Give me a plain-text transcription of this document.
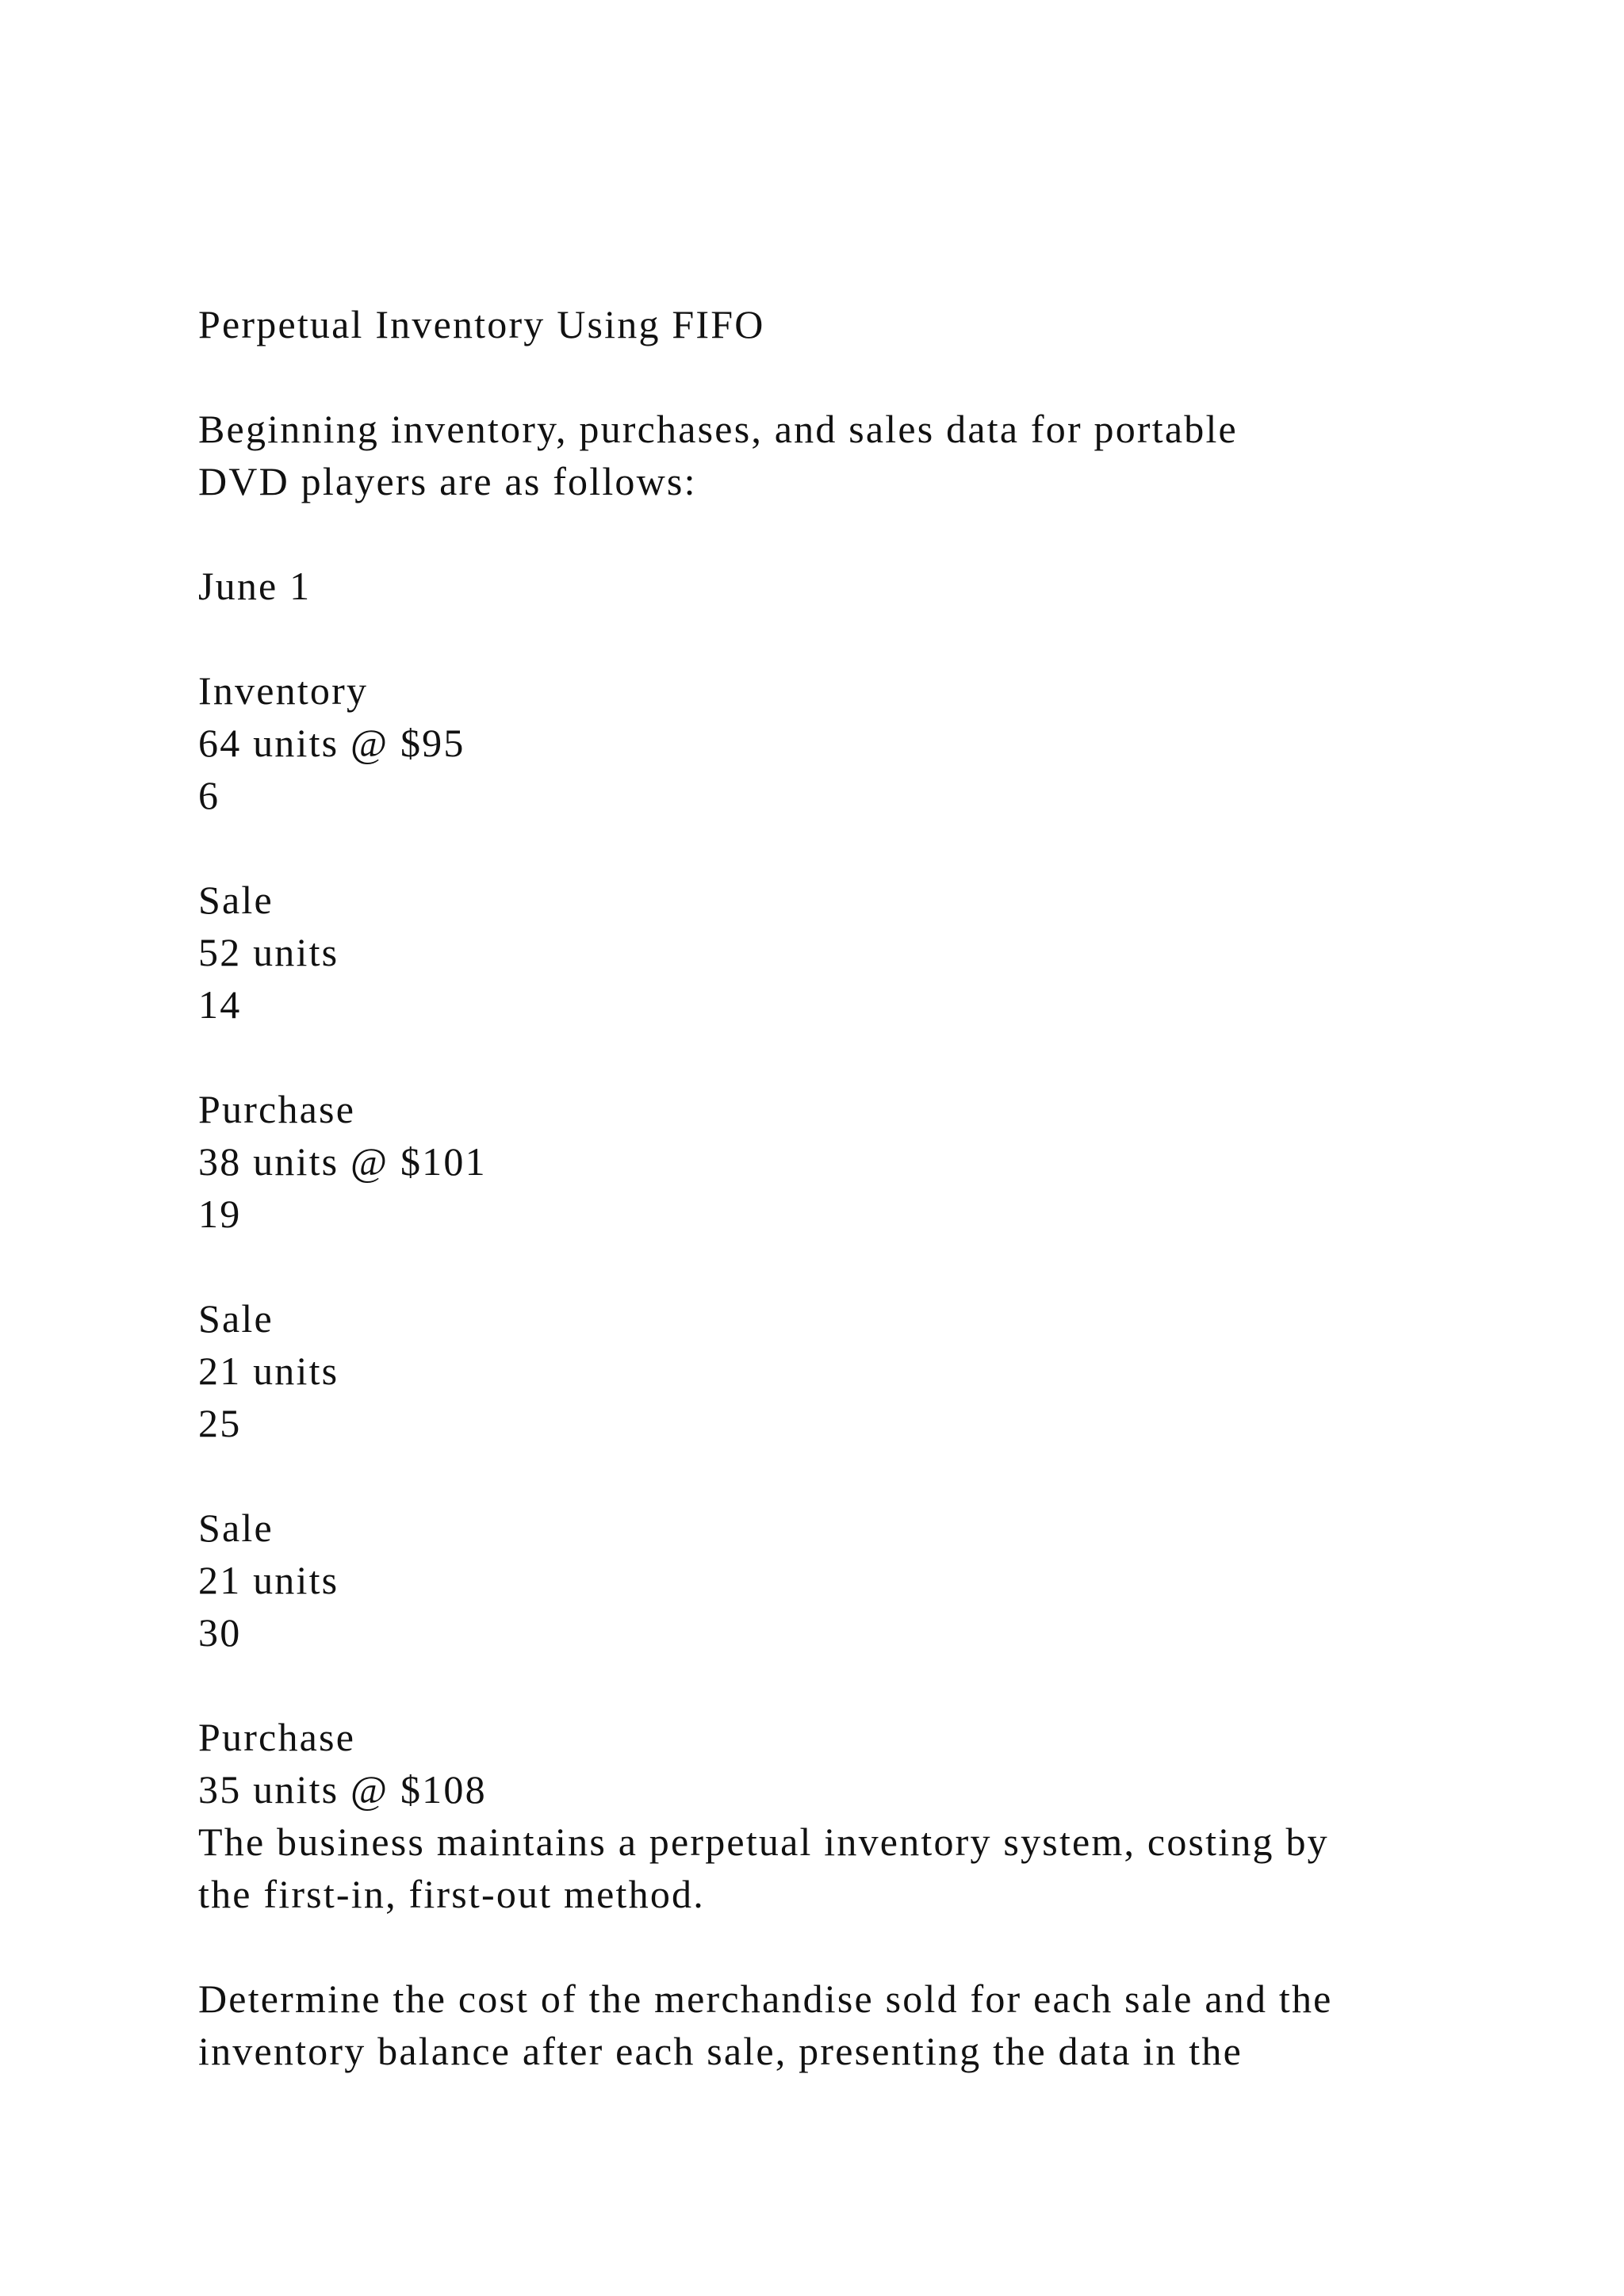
Perpetual Inventory Using FIFO
Beginning inventory, purchases, and sales data for portable
DVD players are as follows:
June 1
Inventory
64 units @ $95
6
Sale
52 units
14
Purchase
38 units @ $101
19
Sale
21 units
25
Sale
21 units
30
Purchase
35 units @ $108
The business maintains a perpetual inventory system, costing by
the first-in, first-out method.
Determine the cost of the merchandise sold for each sale and the
inventory balance after each sale, presenting the data in the
